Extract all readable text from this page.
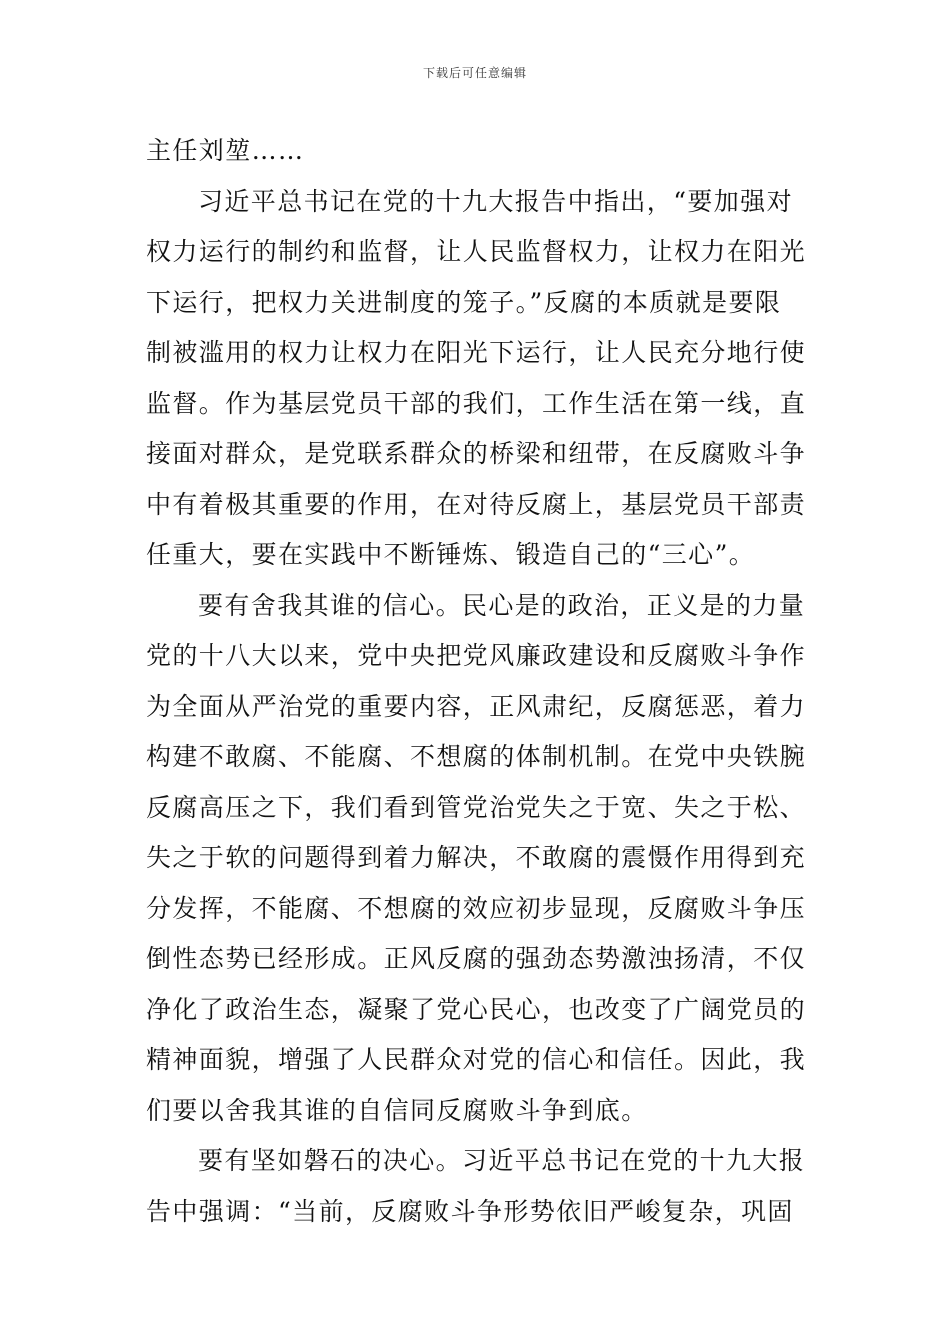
下载后可任意编辑
主任刘堃……
习近平总书记在党的十九大报告中指出，“要加强对
权力运行的制约和监督，让人民监督权力，让权力在阳光
下运行，把权力关进制度的笼子。”反腐的本质就是要限
制被滥用的权力让权力在阳光下运行，让人民充分地行使
监督。作为基层党员干部的我们，工作生活在第一线，直
接面对群众，是党联系群众的桥梁和纽带，在反腐败斗争
中有着极其重要的作用，在对待反腐上，基层党员干部责
任重大，要在实践中不断锤炼、锻造自己的“三心”。
要有舍我其谁的信心。民心是的政治，正义是的力量
党的十八大以来，党中央把党风廉政建设和反腐败斗争作
为全面从严治党的重要内容，正风肃纪，反腐惩恶，着力
构建不敢腐、不能腐、不想腐的体制机制。在党中央铁腕
反腐高压之下，我们看到管党治党失之于宽、失之于松、
失之于软的问题得到着力解决，不敢腐的震慑作用得到充
分发挥，不能腐、不想腐的效应初步显现，反腐败斗争压
倒性态势已经形成。正风反腐的强劲态势激浊扬清，不仅
净化了政治生态，凝聚了党心民心，也改变了广阔党员的
精神面貌，增强了人民群众对党的信心和信任。因此，我
们要以舍我其谁的自信同反腐败斗争到底。
要有坚如磐石的决心。习近平总书记在党的十九大报
告中强调：“当前，反腐败斗争形势依旧严峻复杂，巩固
